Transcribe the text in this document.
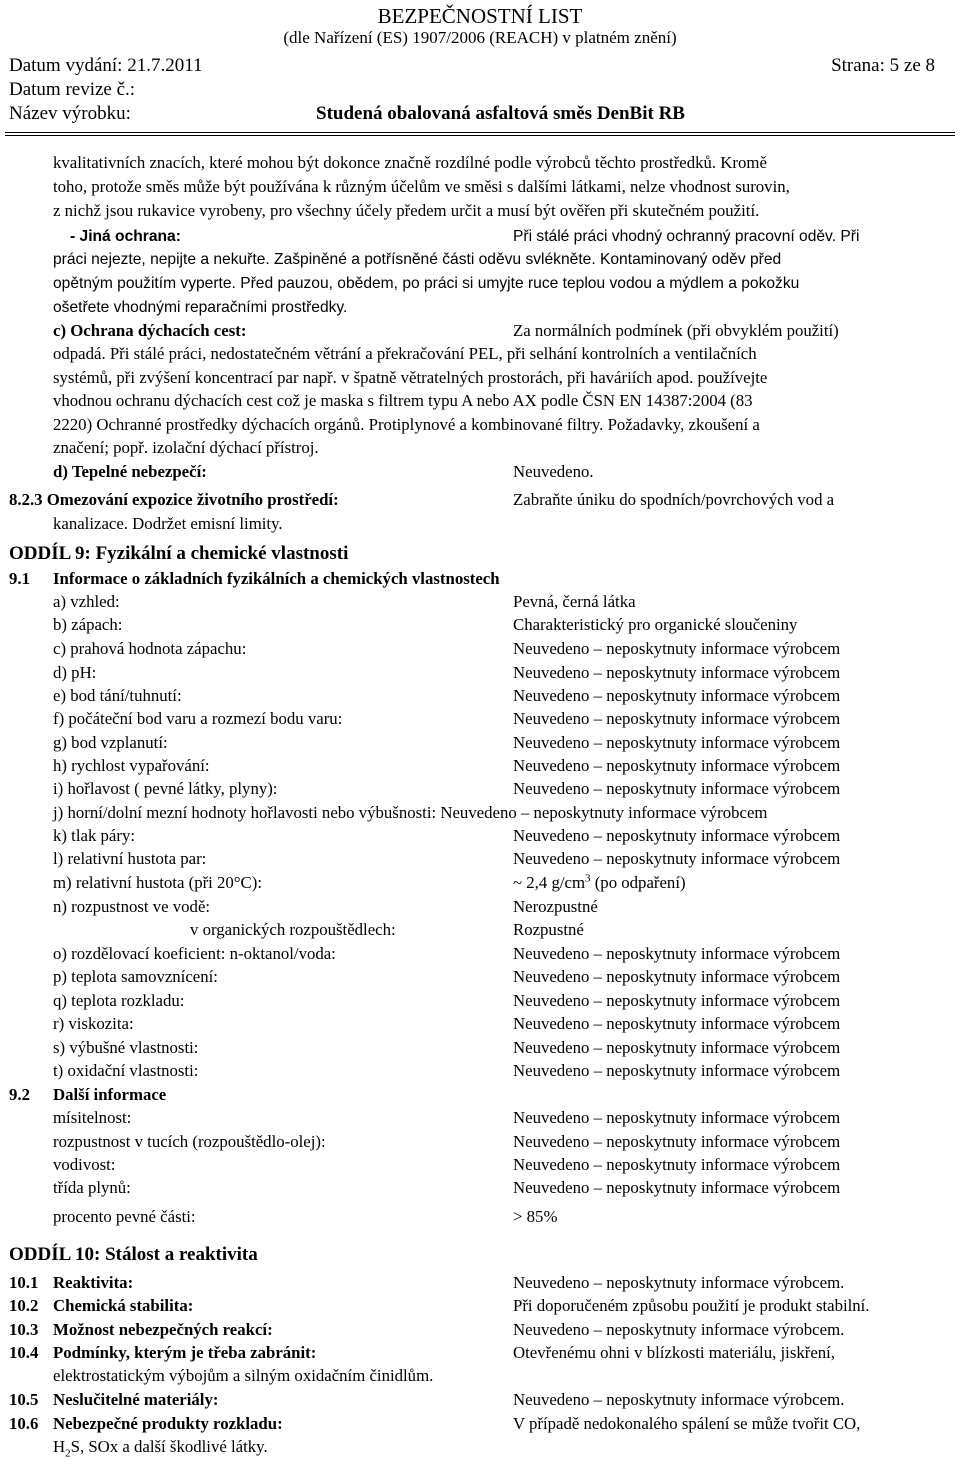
BEZPEČNOSTNÍ LIST
(dle Nařízení (ES) 1907/2006 (REACH) v platném znění)
Datum vydání: 21.7.2011	Strana: 5 ze 8
Datum revize č.:
Název výrobku:	Studená obalovaná asfaltová směs DenBit RB
kvalitativních znacích, které mohou být dokonce značně rozdílné podle výrobců těchto prostředků. Kromě
toho, protože směs může být používána k různým účelům ve směsi s dalšími látkami, nelze vhodnost surovin,
z nichž jsou rukavice vyrobeny, pro všechny účely předem určit a musí být ověřen při skutečném použití.
- Jiná ochrana:	Při stálé práci vhodný ochranný pracovní oděv. Při
práci nejezte, nepijte a nekuřte. Zašpiněné a potřísněné části oděvu svlékněte. Kontaminovaný oděv před
opětným použitím vyperte. Před pauzou, obědem, po práci si umyjte ruce teplou vodou a mýdlem a pokožku
ošetřete vhodnými reparačními prostředky.
c) Ochrana dýchacích cest:	Za normálních podmínek (při obvyklém použití)
odpadá. Při stálé práci, nedostatečném větrání a překračování PEL, při selhání kontrolních a ventilačních
systémů, při zvýšení koncentrací par např. v špatně větratelných prostorách, při haváriích apod. používejte
vhodnou ochranu dýchacích cest což je maska s filtrem typu A nebo AX podle ČSN EN 14387:2004 (83
2220) Ochranné prostředky dýchacích orgánů. Protiplynové a kombinované filtry. Požadavky, zkoušení a
značení; popř. izolační dýchací přístroj.
d) Tepelné nebezpečí:	Neuvedeno.
8.2.3 Omezování expozice životního prostředí:	Zabraňte úniku do spodních/povrchových vod a
kanalizace. Dodržet emisní limity.
ODDÍL 9: Fyzikální a chemické vlastnosti
9.1 Informace o základních fyzikálních a chemických vlastnostech
a) vzhled:	Pevná, černá látka
b) zápach:	Charakteristický pro organické sloučeniny
c) prahová hodnota zápachu:	Neuvedeno – neposkytnuty informace výrobcem
d) pH:	Neuvedeno – neposkytnuty informace výrobcem
e) bod tání/tuhnutí:	Neuvedeno – neposkytnuty informace výrobcem
f) počáteční bod varu a rozmezí bodu varu:	Neuvedeno – neposkytnuty informace výrobcem
g) bod vzplanutí:	Neuvedeno – neposkytnuty informace výrobcem
h) rychlost vypařování:	Neuvedeno – neposkytnuty informace výrobcem
i) hořlavost ( pevné látky, plyny):	Neuvedeno – neposkytnuty informace výrobcem
j) horní/dolní mezní hodnoty hořlavosti nebo výbušnosti: Neuvedeno – neposkytnuty informace výrobcem
k) tlak páry:	Neuvedeno – neposkytnuty informace výrobcem
l) relativní hustota par:	Neuvedeno – neposkytnuty informace výrobcem
m) relativní hustota (při 20°C):	~ 2,4 $g/cm^3$ (po odpaření)
n) rozpustnost ve vodě:	Nerozpustné
v organických rozpouštědlech:	Rozpustné
o) rozdělovací koeficient: n-oktanol/voda:	Neuvedeno – neposkytnuty informace výrobcem
p) teplota samovznícení:	Neuvedeno – neposkytnuty informace výrobcem
q) teplota rozkladu:	Neuvedeno – neposkytnuty informace výrobcem
r) viskozita:	Neuvedeno – neposkytnuty informace výrobcem
s) výbušné vlastnosti:	Neuvedeno – neposkytnuty informace výrobcem
t) oxidační vlastnosti:	Neuvedeno – neposkytnuty informace výrobcem
9.2 Další informace
mísitelnost:	Neuvedeno – neposkytnuty informace výrobcem
rozpustnost v tucích (rozpouštědlo-olej):	Neuvedeno – neposkytnuty informace výrobcem
vodivost:	Neuvedeno – neposkytnuty informace výrobcem
třída plynů:	Neuvedeno – neposkytnuty informace výrobcem
procento pevné části:	> 85%
ODDÍL 10: Stálost a reaktivita
10.1 Reaktivita:	Neuvedeno – neposkytnuty informace výrobcem.
10.2 Chemická stabilita:	Při doporučeném způsobu použití je produkt stabilní.
10.3 Možnost nebezpečných reakcí:	Neuvedeno – neposkytnuty informace výrobcem.
10.4 Podmínky, kterým je třeba zabránit:	Otevřenému ohni v blízkosti materiálu, jiskření,
elektrostatickým výbojům a silným oxidačním činidlům.
10.5 Neslučitelné materiály:	Neuvedeno – neposkytnuty informace výrobcem.
10.6 Nebezpečné produkty rozkladu:	V případě nedokonalého spálení se může tvořit CO,
$H_2S$, SOx a další škodlivé látky.
